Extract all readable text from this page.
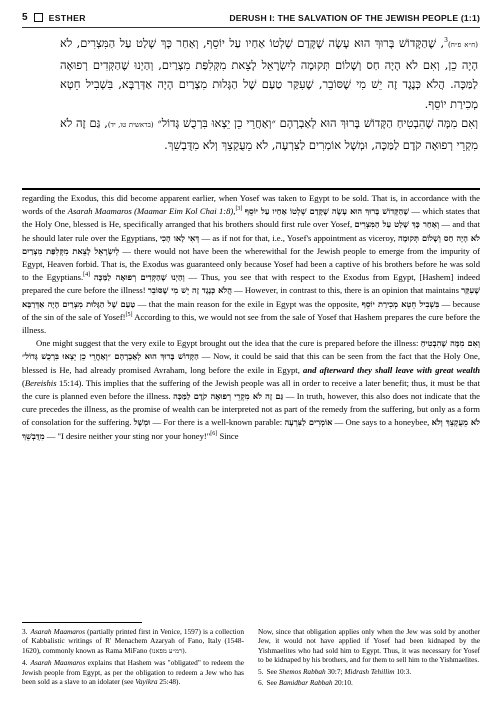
5 ESTHER	DERUSH I: THE SALVATION OF THE JEWISH PEOPLE (1:1)

(ח״א פ״ח)$^3$, שֶׁהַקָּדוֹשׁ בָּרוּךְ הוּא עָשָׂה שֶׁקָּדַם שְׁלְטוֹ אַחַיו עַל יוֹסֵף, וְאַחַר כָּךְ שָׁלַט עַל הַמִּצְרִים, לֹא הָיָה כֵן, וְאִם לֹא הָיָה חַס וְשָׁלוֹם תְּקוּמָה לְיִשְׂרָאֵל לָצֵאת מִקְּלִפַּת מִצְרַיִם, וְהַיְנוּ שֶׁהַקְּדִים רְפוּאָה לַמַּכָּה. הֲלֹא כְּנֶגֶד זֶה יֵשׁ מִי שֶׁסּוֹבֵר, שֶׁעִקַּר טַעַם שֶׁל הַגָּלוּת מִצְרַיִם הָיָה אַדְּרַבָּא, בִּשְׁבִיל חֵטְא מְכִירַת יוֹסֵף.

וְאִם מִמָּה שֶׁהִבְטִיחַ הַקָּדוֹשׁ בָּרוּךְ הוּא לְאַבְרָהָם ״וְאַחֲרֵי כֵן יֵצְאוּ בִּרְכֻשׁ גָּדוֹל״ (בראשית טו, יד), גַּם זֶה לֹא מִקְרֵי רְפוּאָה קֹדֶם לַמַּכָּה, וּמְשָׁל אוֹמְרִים לַצִּרְעָה, לֹא מֵעֻקְצֵךְ וְלֹא מִדֻּבְשֵׁךְ.

regarding the Exodus, this did become apparent earlier, when Yosef was taken to Egypt to be sold. That is, in accordance with the words of the Asarah Maamaros (Maamar Eim Kol Chai 1:8),[3] שֶׁהַקָּדוֹשׁ בָּרוּךְ הוּא עָשָׂה שֶׁקָּדַם שְׁלְטוֹ אַחַיו עַל יוֹסֵף — which states that the Holy One, blessed is He, specifically arranged that his brothers should first rule over Yosef, וְאַחַר כָּךְ שָׁלַט עַל הַמִּצְרִים — and that he should later rule over the Egyptians, דְּאִי לָאו הָכִי — as if not for that, i.e., Yosef's appointment as viceroy, לֹא הָיָה חַס וְשָׁלוֹם תְּקוּמָה לְיִשְׂרָאֵל לָצֵאת מִקְּלִפַּת מִצְרַיִם — there would not have been the wherewithal for the Jewish people to emerge from the impurity of Egypt, Heaven forbid. That is, the Exodus was guaranteed only because Yosef had been a captive of his brothers before he was sold to the Egyptians.[4] וְהַיְנוּ שֶׁהַקְּדִים רְפוּאָה לַמַּכָּה — Thus, you see that with respect to the Exodus from Egypt, [Hashem] indeed prepared the cure before the illness! הֲלֹא כְּנֶגֶד זֶה יֵשׁ מִי שֶׁסּוֹבֵר — However, in contrast to this, there is an opinion that maintains שֶׁעִקַּר טַעַם שֶׁל הַגָּלוּת מִצְרַיִם הָיָה אַדְּרַבָּא — that the main reason for the exile in Egypt was the opposite, בִּשְׁבִיל חֵטְא מְכִירַת יוֹסֵף — because of the sin of the sale of Yosef![5] According to this, we would not see from the sale of Yosef that Hashem prepares the cure before the illness.

One might suggest that the very exile to Egypt brought out the idea that the cure is prepared before the illness: וְאִם מִמָּה שֶׁהִבְטִיחַ הַקָּדוֹשׁ בָּרוּךְ הוּא לְאַבְרָהָם ״וְאַחֲרֵי כֵן יֵצְאוּ בִּרְכֻשׁ גָּדוֹל״ — Now, it could be said that this can be seen from the fact that the Holy One, blessed is He, had already promised Avraham, long before the exile in Egypt, and afterward they shall leave with great wealth (Bereishis 15:14). This implies that the suffering of the Jewish people was all in order to receive a later benefit; thus, it must be that the cure is planned even before the illness. גַּם זֶה לֹא מִקְרֵי רְפוּאָה קֹדֶם לַמַּכָּה — In truth, however, this also does not indicate that the cure precedes the illness, as the promise of wealth can be interpreted not as part of the remedy from the suffering, but only as a form of consolation for the suffering. וּמְשָׁל — For there is a well-known parable: אוֹמְרִים לַצִּרְעָה — One says to a honeybee, לֹא מֵעֻקְצֵךְ וְלֹא מִדֻּבְשֵׁךְ — "I desire neither your sting nor your honey!"[6] Since

3. Asarah Maamaros (partially printed first in Venice, 1597) is a collection of Kabbalistic writings of R' Menachem Azaryah of Fano, Italy (1548-1620), commonly known as Rama MiFano (רמ״ע מפאנו).

4. Asarah Maamaros explains that Hashem was "obligated" to redeem the Jewish people from Egypt, as per the obligation to redeem a Jew who has been sold as a slave to an idolater (see Vayikra 25:48).

Now, since that obligation applies only when the Jew was sold by another Jew, it would not have applied if Yosef had been kidnaped by the Yishmaelites who had sold him to Egypt. Thus, it was necessary for Yosef to be kidnaped by his brothers, and for them to sell him to the Yishmaelites.

5. See Shemos Rabbah 30:7; Midrash Tehillim 10:3.

6. See Bamidbar Rabbah 20:10.
